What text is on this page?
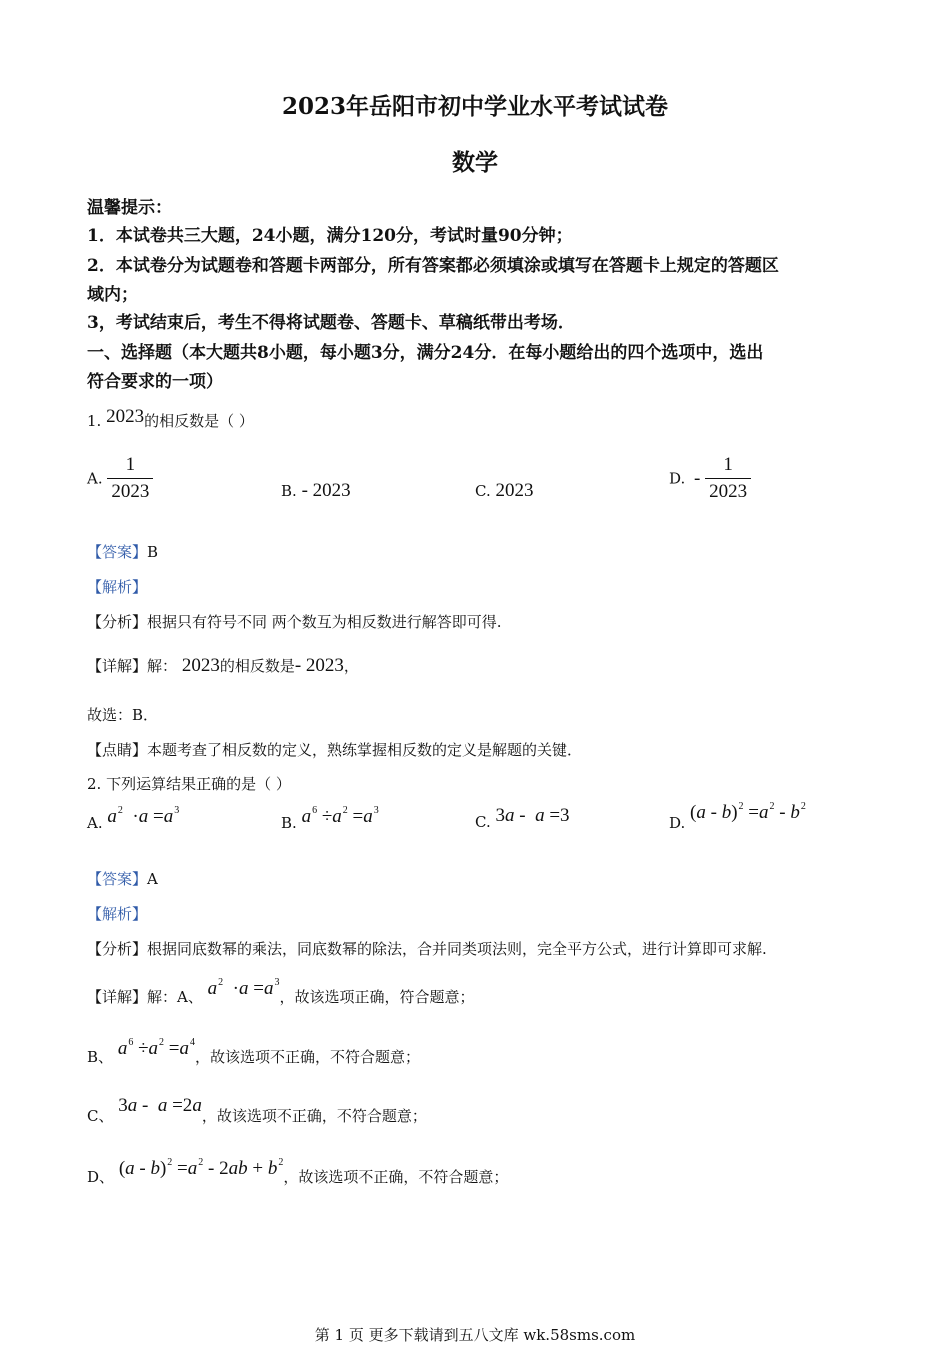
2023年岳阳市初中学业水平考试试卷
数学
温馨提示：
1．本试卷共三大题，24小题，满分120分，考试时量90分钟；
2．本试卷分为试题卷和答题卡两部分，所有答案都必须填涂或填写在答题卡上规定的答题区
域内；
3，考试结束后，考生不得将试题卷、答题卡、草稿纸带出考场．
一、选择题（本大题共8小题，每小题3分，满分24分．在每小题给出的四个选项中，选出
符合要求的一项）
1. 2023的相反数是（ ）
A. $\frac{1}{2023}$	B. - 2023	C. 2023
D. - $\frac{1}{2023}$
【答案】B
【解析】
【分析】根据只有符号不同 两个数互为相反数进行解答即可得.
【详解】解： 2023的相反数是- 2023，
故选：B．
【点睛】本题考查了相反数的定义，熟练掌握相反数的定义是解题的关键．
2. 下列运算结果正确的是（ ）
A. $a^2 \cdot a =a^3$
B. $a^6 \div a^2 =a^3$
C. 3a -  a =3	D. $(a - b)^2 =a^2 - b^2$
【答案】A
【解析】
【分析】根据同底数幂的乘法，同底数幂的除法，合并同类项法则，完全平方公式，进行计算即可求解.
【详解】解：A、 $a^2 \cdot a =a^3$，故该选项正确，符合题意；
B、 $a^6 \div a^2 =a^4$，故该选项不正确，不符合题意；
C、 3a -  a =2a，故该选项不正确，不符合题意；
D、 $(a - b)^2 =a^2 - 2ab + b^2$，故该选项不正确，不符合题意；
第 1 页 更多下载请到五八文库 wk.58sms.com
